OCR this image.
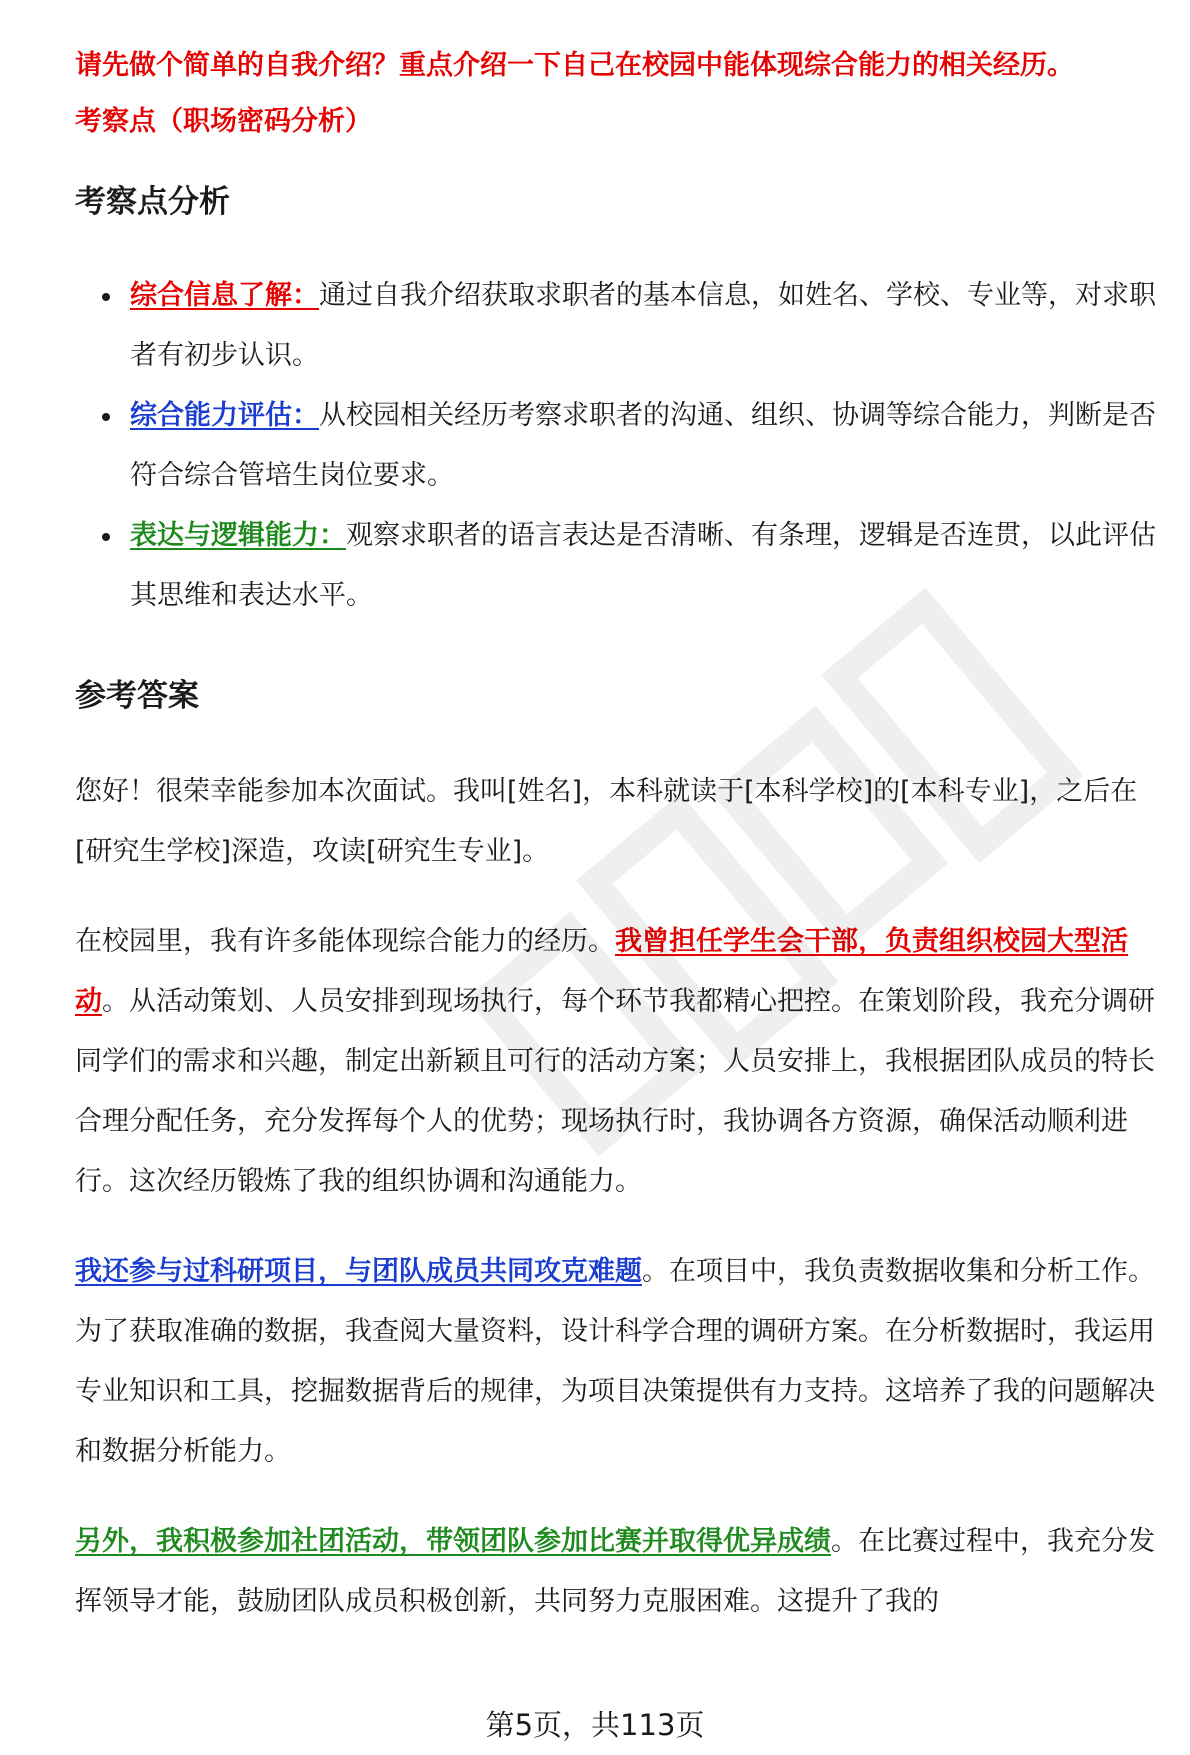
请先做个简单的自我介绍？重点介绍一下自己在校园中能体现综合能力的相关经历。

考察点（职场密码分析）

考察点分析
综合信息了解：通过自我介绍获取求职者的基本信息，如姓名、学校、专业等，对求职者有初步认识。
综合能力评估：从校园相关经历考察求职者的沟通、组织、协调等综合能力，判断是否符合综合管培生岗位要求。
表达与逻辑能力：观察求职者的语言表达是否清晰、有条理，逻辑是否连贯，以此评估其思维和表达水平。
参考答案

您好！很荣幸能参加本次面试。我叫[姓名]，本科就读于[本科学校]的[本科专业]，之后在[研究生学校]深造，攻读[研究生专业]。

在校园里，我有许多能体现综合能力的经历。我曾担任学生会干部，负责组织校园大型活动。从活动策划、人员安排到现场执行，每个环节我都精心把控。在策划阶段，我充分调研同学们的需求和兴趣，制定出新颖且可行的活动方案；人员安排上，我根据团队成员的特长合理分配任务，充分发挥每个人的优势；现场执行时，我协调各方资源，确保活动顺利进行。这次经历锻炼了我的组织协调和沟通能力。

我还参与过科研项目，与团队成员共同攻克难题。在项目中，我负责数据收集和分析工作。为了获取准确的数据，我查阅大量资料，设计科学合理的调研方案。在分析数据时，我运用专业知识和工具，挖掘数据背后的规律，为项目决策提供有力支持。这培养了我的问题解决和数据分析能力。

另外，我积极参加社团活动，带领团队参加比赛并取得优异成绩。在比赛过程中，我充分发挥领导才能，鼓励团队成员积极创新，共同努力克服困难。这提升了我的

第5页，共113页
